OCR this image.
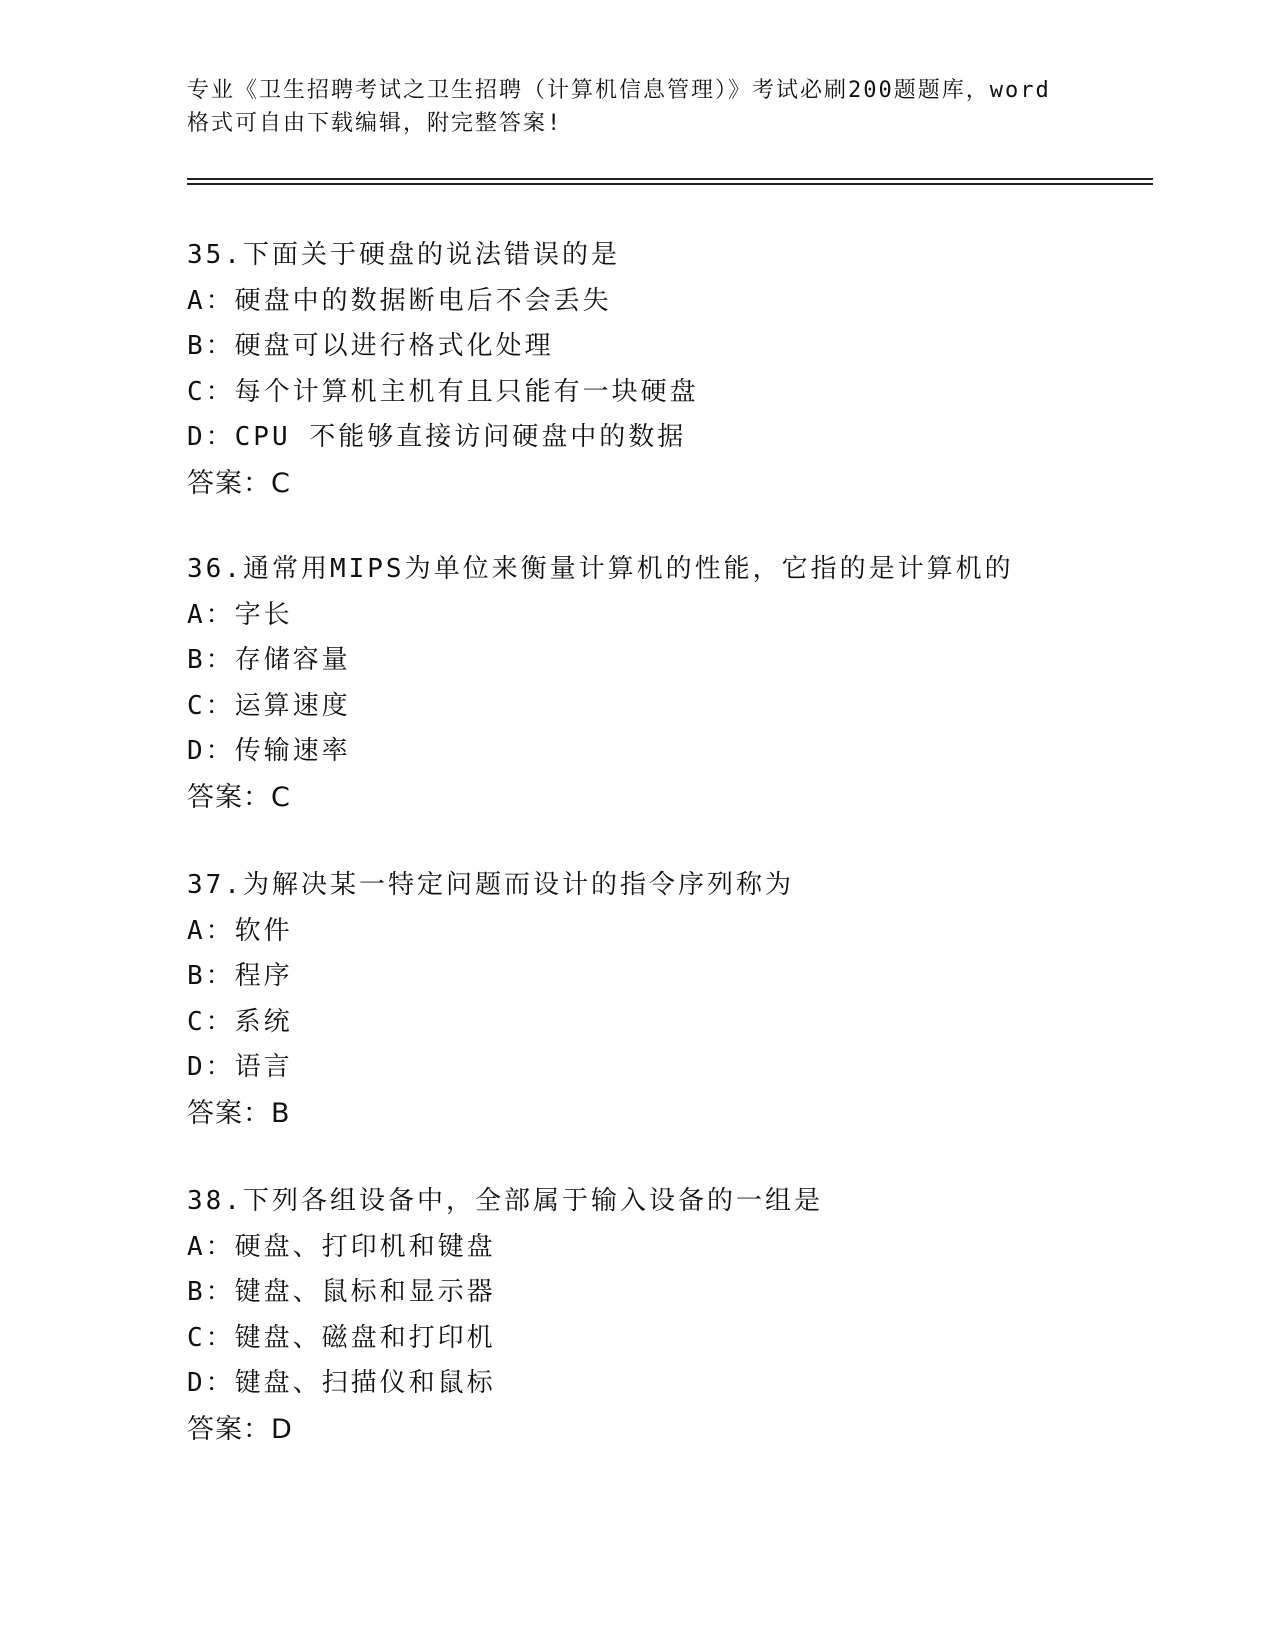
专业《卫生招聘考试之卫生招聘（计算机信息管理）》考试必刷200题题库，word
格式可自由下载编辑，附完整答案!
35.下面关于硬盘的说法错误的是
A：硬盘中的数据断电后不会丢失
B：硬盘可以进行格式化处理
C：每个计算机主机有且只能有一块硬盘
D：CPU 不能够直接访问硬盘中的数据
答案：C
36.通常用MIPS为单位来衡量计算机的性能，它指的是计算机的
A：字长
B：存储容量
C：运算速度
D：传输速率
答案：C
37.为解决某一特定问题而设计的指令序列称为
A：软件
B：程序
C：系统
D：语言
答案：B
38.下列各组设备中，全部属于输入设备的一组是
A：硬盘、打印机和键盘
B：键盘、鼠标和显示器
C：键盘、磁盘和打印机
D：键盘、扫描仪和鼠标
答案：D
